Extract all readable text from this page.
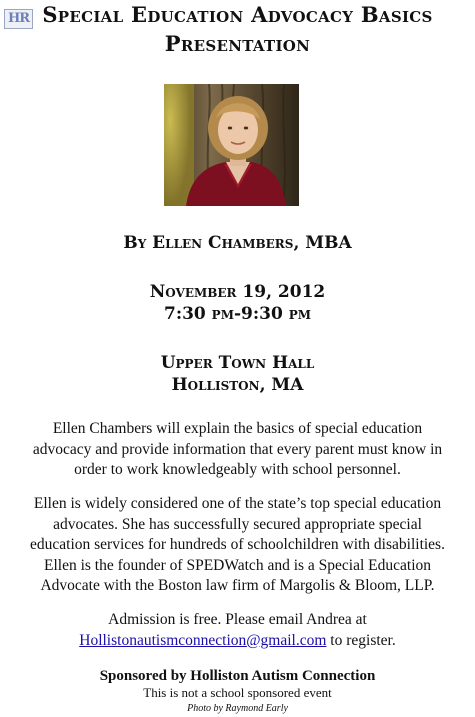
HR Special Education Advocacy Basics
Presentation
By Ellen Chambers, MBA
November 19, 2012
7:30 pm-9:30 pm
Upper Town Hall
Holliston, MA
Ellen Chambers will explain the basics of special education
advocacy and provide information that every parent must know in
order to work knowledgeably with school personnel.
Ellen is widely considered one of the state’s top special education
advocates. She has successfully secured appropriate special
education services for hundreds of schoolchildren with disabilities.
Ellen is the founder of SPEDWatch and is a Special Education
Advocate with the Boston law firm of Margolis & Bloom, LLP.
Admission is free. Please email Andrea at
Hollistonautismconnection@gmail.com to register.
Sponsored by Holliston Autism Connection
This is not a school sponsored event
Photo by Raymond Early
